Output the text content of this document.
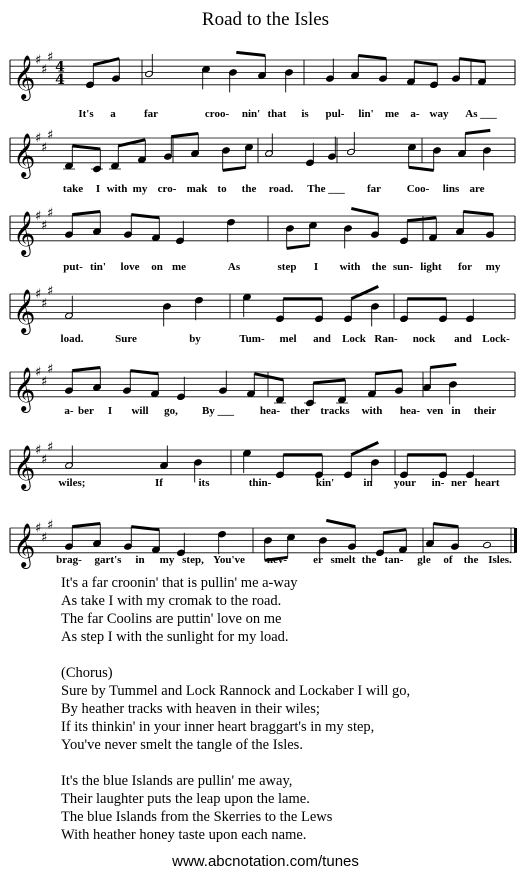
Road to the Isles
𝄞 ♯
♯
♯
4
4
𝄞 ♯
♯
♯
𝄞 ♯
♯
♯
𝄞 ♯
♯
♯
𝄞 ♯
♯
♯
𝄞 ♯
♯
♯
𝄞 ♯
♯
♯
It's a	far	croo- nin' that is pul- lin' me a- way As ___
take I with my cro- mak to the road. The ___ far Coo- lins are
put- tin' love on me	As	step I with the sun- light for my
load.	Sure	by	Tum- mel and Lock Ran- nock and Lock-
a- ber I will go, By ___ hea- ther tracks with hea- ven in their
wiles;	If	its	thin-	kin'	in your in- ner heart
brag- gart's in my step, You've nev- er smelt the tan- gle of the Isles.
It's a far croonin' that is pullin' me a-way
As take I with my cromak to the road.
The far Coolins are puttin' love on me
As step I with the sunlight for my load.
(Chorus)
Sure by Tummel and Lock Rannock and Lockaber I will go,
By heather tracks with heaven in their wiles;
If its thinkin' in your inner heart braggart's in my step,
You've never smelt the tangle of the Isles.
It's the blue Islands are pullin' me away,
Their laughter puts the leap upon the lame.
The blue Islands from the Skerries to the Lews
With heather honey taste upon each name.
www.abcnotation.com/tunes
